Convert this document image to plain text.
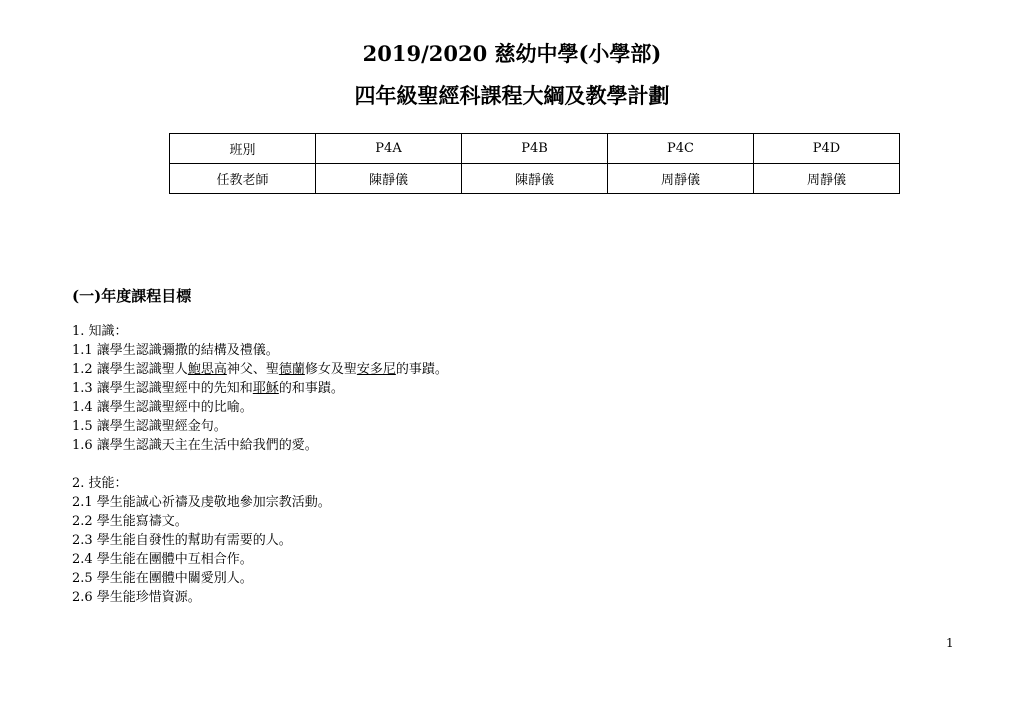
2019/2020 慈幼中學(小學部)
四年級聖經科課程大綱及教學計劃
班別	P4A	P4B	P4C	P4D
任教老師	陳靜儀	陳靜儀	周靜儀	周靜儀
(一)年度課程目標
1. 知識：
1.1 讓學生認識彌撒的結構及禮儀。
1.2 讓學生認識聖人鮑思高神父、聖德蘭修女及聖安多尼的事蹟。
1.3 讓學生認識聖經中的先知和耶穌的和事蹟。
1.4 讓學生認識聖經中的比喻。
1.5 讓學生認識聖經金句。
1.6 讓學生認識天主在生活中給我們的愛。
2. 技能：
2.1 學生能誠心祈禱及虔敬地參加宗教活動。
2.2 學生能寫禱文。
2.3 學生能自發性的幫助有需要的人。
2.4 學生能在團體中互相合作。
2.5 學生能在團體中關愛別人。
2.6 學生能珍惜資源。
1
